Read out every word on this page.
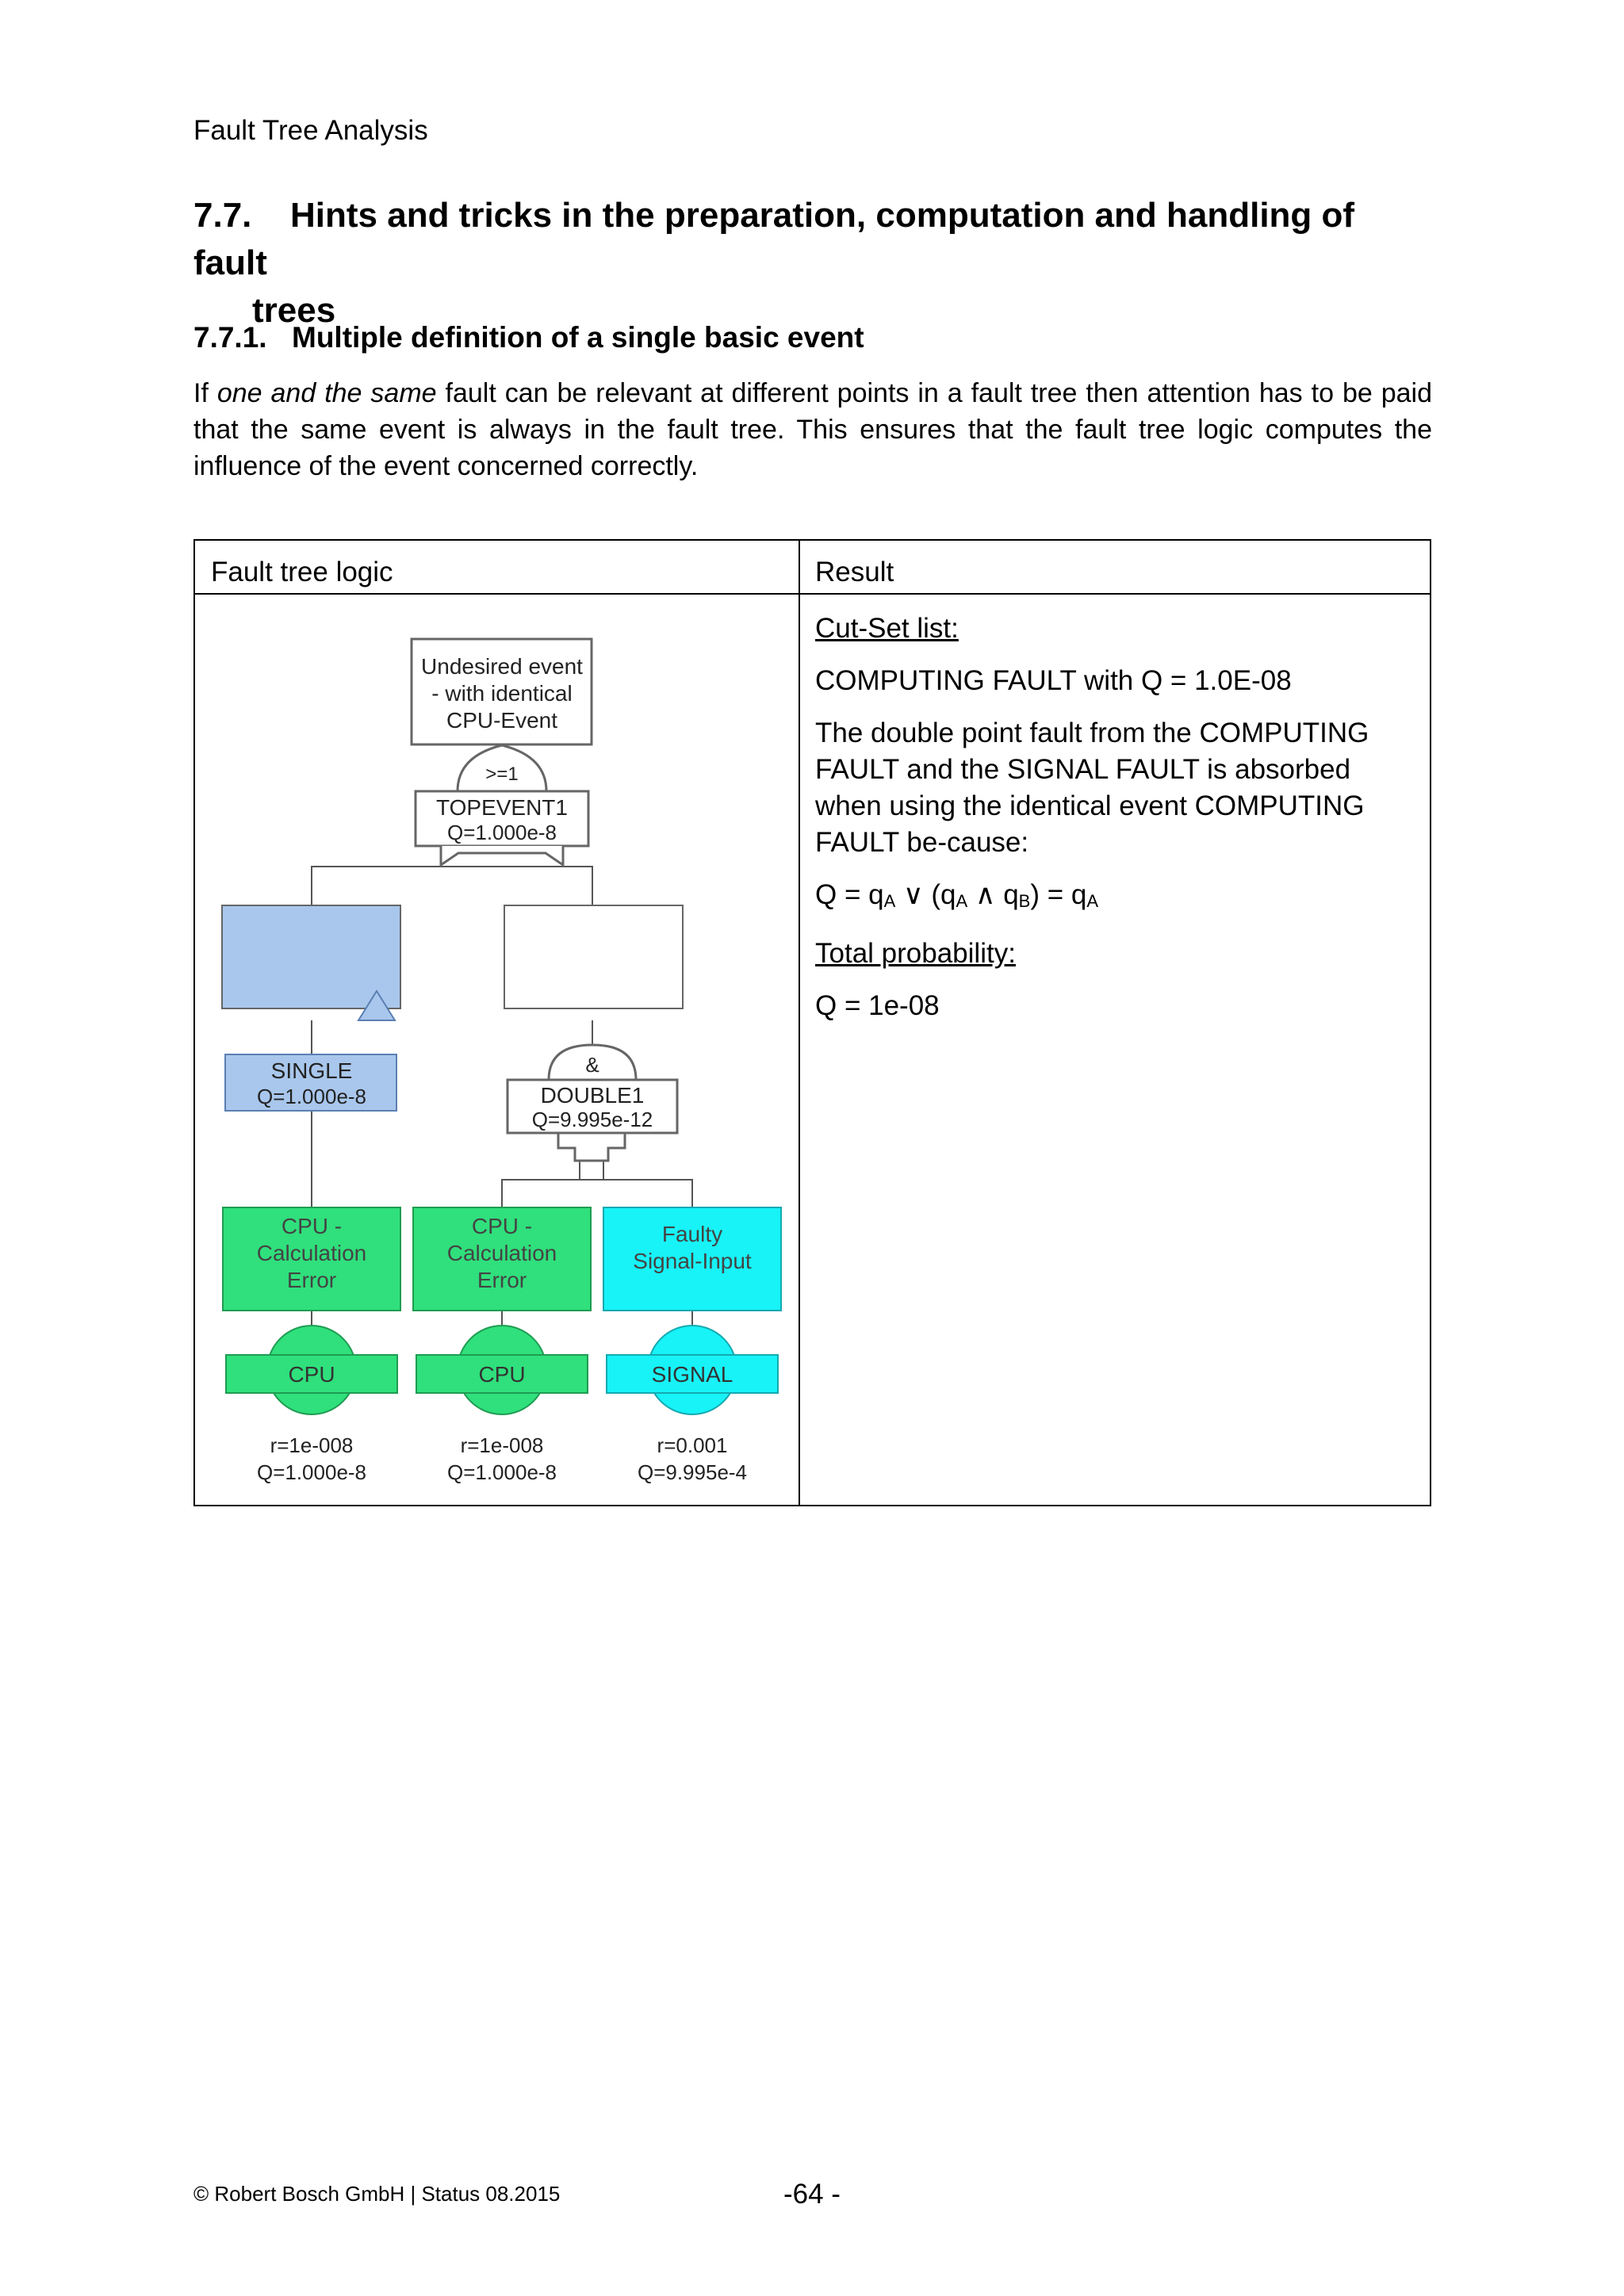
Fault Tree Analysis
7.7. Hints and tricks in the preparation, computation and handling of fault
trees
7.7.1. Multiple definition of a single basic event

If one and the same fault can be relevant at different points in a fault tree then attention has to be paid that the same event is always in the fault tree. This ensures that the fault tree logic computes the influence of the event concerned correctly.

Fault tree logic	Result
Undesired event
- with identical
CPU-Event
>=1
TOPEVENT1
Q=1.000e-8
SINGLE
Q=1.000e-8
&
DOUBLE1
Q=9.995e-12
CPU -
Calculation
Error
CPU
r=1e-008
Q=1.000e-8
CPU -
Calculation
Error
CPU
r=1e-008
Q=1.000e-8
Faulty
Signal-Input
SIGNAL
r=0.001
Q=9.995e-4

Cut-Set list:

COMPUTING FAULT with Q = 1.0E-08

The double point fault from the COMPUTING FAULT and the SIGNAL FAULT is absorbed when using the identical event COMPUTING FAULT be-cause:

Q = qA ∨ (qA ∧ qB) = qA

Total probability:

Q = 1e-08

© Robert Bosch GmbH | Status 08.2015	-64 -
